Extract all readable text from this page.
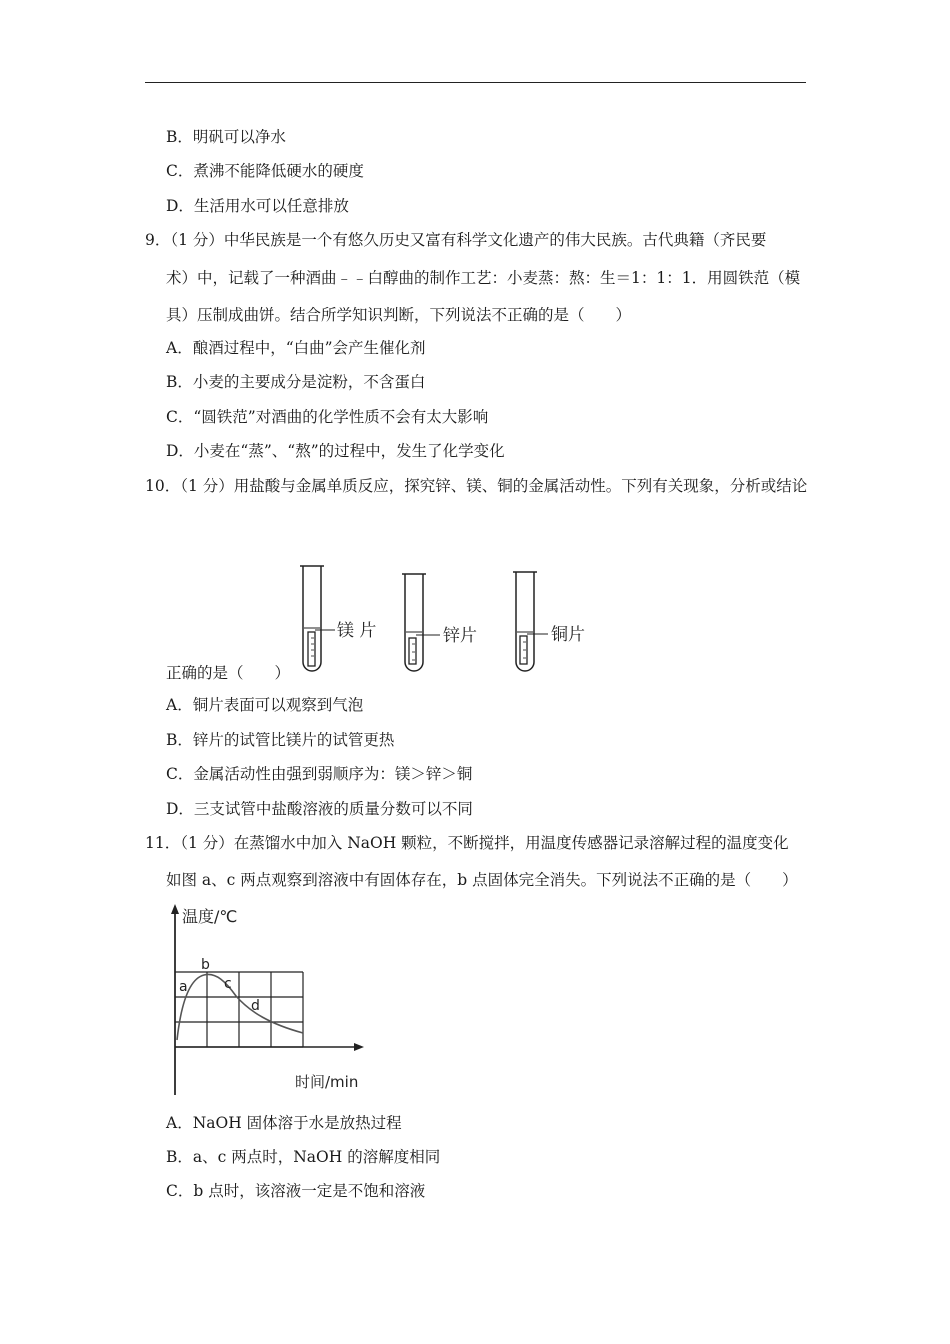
B．明矾可以净水
C．煮沸不能降低硬水的硬度
D．生活用水可以任意排放
9．（1 分）中华民族是一个有悠久历史又富有科学文化遗产的伟大民族。古代典籍（齐民要
术）中，记载了一种酒曲﹣﹣白醇曲的制作工艺：小麦蒸：熬：生＝1：1：1．用圆铁范（模
具）压制成曲饼。结合所学知识判断，下列说法不正确的是（　　）
A．酿酒过程中，“白曲”会产生催化剂
B．小麦的主要成分是淀粉，不含蛋白
C．“圆铁范”对酒曲的化学性质不会有太大影响
D．小麦在“蒸”、“熬”的过程中，发生了化学变化
10．（1 分）用盐酸与金属单质反应，探究锌、镁、铜的金属活动性。下列有关现象，分析或结论
镁 片	锌片	铜片
正确的是（　　）
A．铜片表面可以观察到气泡
B．锌片的试管比镁片的试管更热
C．金属活动性由强到弱顺序为：镁＞锌＞铜
D．三支试管中盐酸溶液的质量分数可以不同
11．（1 分）在蒸馏水中加入 NaOH 颗粒，不断搅拌，用温度传感器记录溶解过程的温度变化
如图 a、c 两点观察到溶液中有固体存在，b 点固体完全消失。下列说法不正确的是（　　）
a
b
c
d
温度/℃
时间/min
A．NaOH 固体溶于水是放热过程
B．a、c 两点时，NaOH 的溶解度相同
C．b 点时，该溶液一定是不饱和溶液
